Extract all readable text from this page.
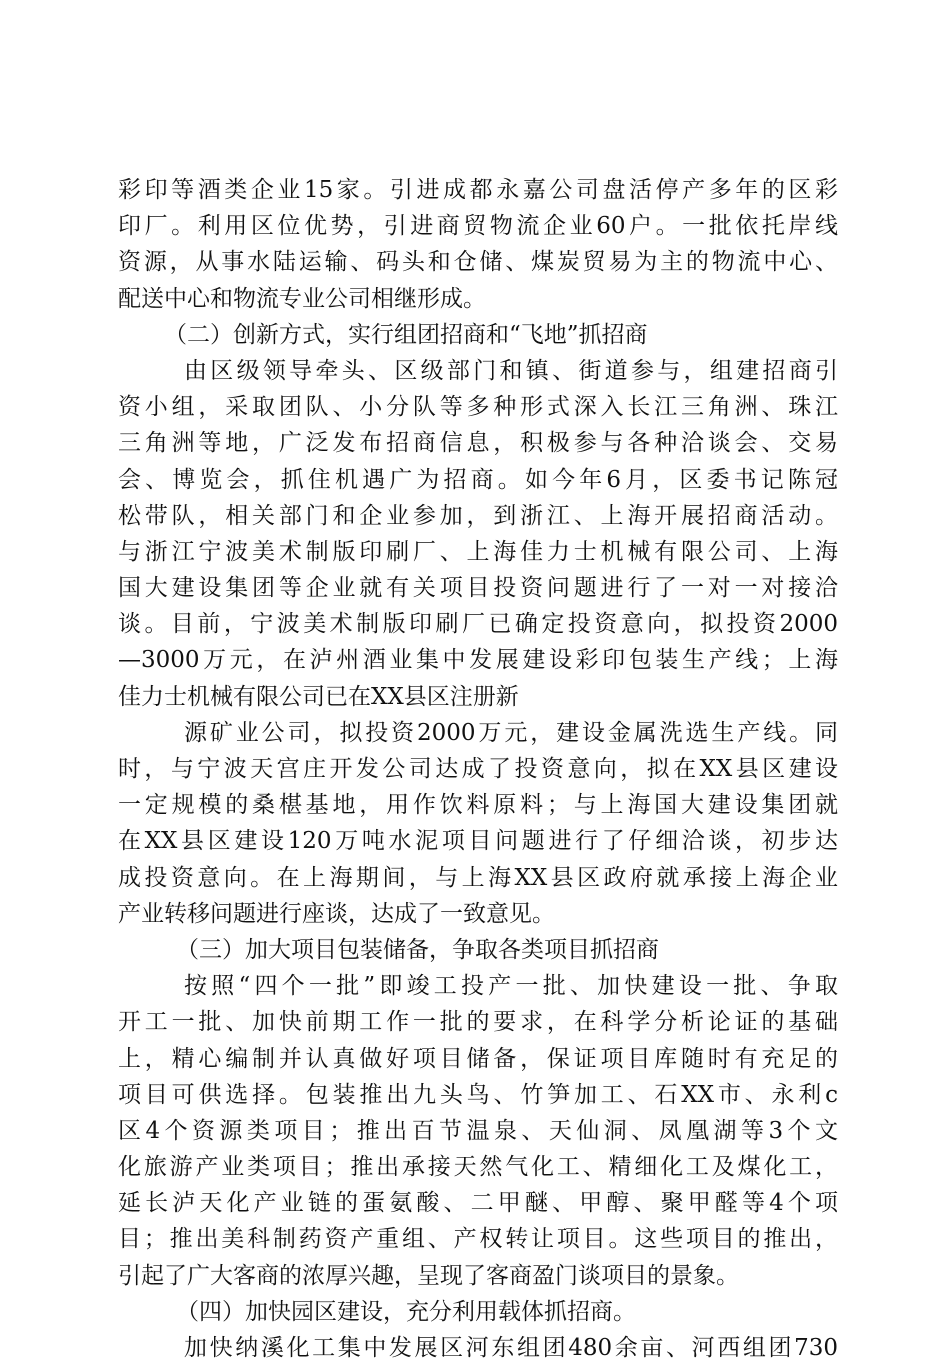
彩印等酒类企业15家。引进成都永嘉公司盘活停产多年的区彩
印厂。利用区位优势，引进商贸物流企业60户。一批依托岸线
资源，从事水陆运输、码头和仓储、煤炭贸易为主的物流中心、
配送中心和物流专业公司相继形成。
（二）创新方式，实行组团招商和“飞地”抓招商
由区级领导牵头、区级部门和镇、街道参与，组建招商引
资小组，采取团队、小分队等多种形式深入长江三角洲、珠江
三角洲等地，广泛发布招商信息，积极参与各种洽谈会、交易
会、博览会，抓住机遇广为招商。如今年6月，区委书记陈冠
松带队，相关部门和企业参加，到浙江、上海开展招商活动。
与浙江宁波美术制版印刷厂、上海佳力士机械有限公司、上海
国大建设集团等企业就有关项目投资问题进行了一对一对接洽
谈。目前，宁波美术制版印刷厂已确定投资意向，拟投资2000
—3000万元，在泸州酒业集中发展建设彩印包装生产线；上海
佳力士机械有限公司已在XX县区注册新
源矿业公司，拟投资2000万元，建设金属洗选生产线。同
时，与宁波天宫庄开发公司达成了投资意向，拟在XX县区建设
一定规模的桑椹基地，用作饮料原料；与上海国大建设集团就
在XX县区建设120万吨水泥项目问题进行了仔细洽谈，初步达
成投资意向。在上海期间，与上海XX县区政府就承接上海企业
产业转移问题进行座谈，达成了一致意见。
（三）加大项目包装储备，争取各类项目抓招商
按照“四个一批”即竣工投产一批、加快建设一批、争取
开工一批、加快前期工作一批的要求，在科学分析论证的基础
上，精心编制并认真做好项目储备，保证项目库随时有充足的
项目可供选择。包装推出九头鸟、竹笋加工、石XX市、永利c
区4个资源类项目；推出百节温泉、天仙洞、凤凰湖等3个文
化旅游产业类项目；推出承接天然气化工、精细化工及煤化工，
延长泸天化产业链的蛋氨酸、二甲醚、甲醇、聚甲醛等4个项
目；推出美科制药资产重组、产权转让项目。这些项目的推出，
引起了广大客商的浓厚兴趣，呈现了客商盈门谈项目的景象。
（四）加快园区建设，充分利用载体抓招商。
加快纳溪化工集中发展区河东组团480余亩、河西组团730
